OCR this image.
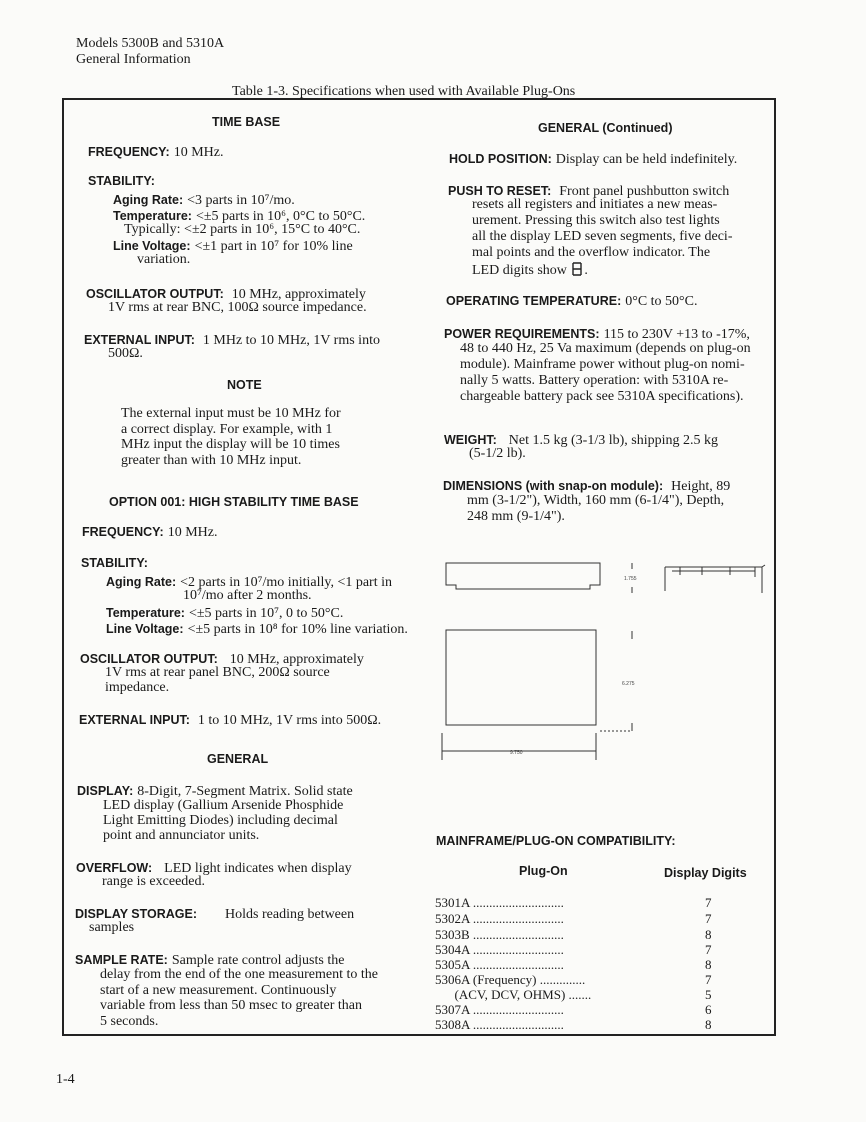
Models 5300B and 5310A
General Information
Table 1-3. Specifications when used with Available Plug-Ons
TIME BASE
FREQUENCY: 10 MHz.
STABILITY:
Aging Rate: <3 parts in 10⁷/mo.
Temperature: <±5 parts in 10⁶, 0°C to 50°C.
Typically: <±2 parts in 10⁶, 15°C to 40°C.
Line Voltage: <±1 part in 10⁷ for 10% line
variation.
OSCILLATOR OUTPUT: 10 MHz, approximately
1V rms at rear BNC, 100Ω source impedance.
EXTERNAL INPUT: 1 MHz to 10 MHz, 1V rms into
500Ω.
NOTE
The external input must be 10 MHz for
a correct display. For example, with 1
MHz input the display will be 10 times
greater than with 10 MHz input.
OPTION 001: HIGH STABILITY TIME BASE
FREQUENCY: 10 MHz.
STABILITY:
Aging Rate: <2 parts in 10⁷/mo initially, <1 part in
10⁷/mo after 2 months.
Temperature: <±5 parts in 10⁷, 0 to 50°C.
Line Voltage: <±5 parts in 10⁸ for 10% line variation.
OSCILLATOR OUTPUT: 10 MHz, approximately
1V rms at rear panel BNC, 200Ω source
impedance.
EXTERNAL INPUT: 1 to 10 MHz, 1V rms into 500Ω.
GENERAL
DISPLAY: 8-Digit, 7-Segment Matrix. Solid state
LED display (Gallium Arsenide Phosphide
Light Emitting Diodes) including decimal
point and annunciator units.
OVERFLOW: LED light indicates when display
range is exceeded.
DISPLAY STORAGE: Holds reading between
samples
SAMPLE RATE: Sample rate control adjusts the
delay from the end of the one measurement to the
start of a new measurement. Continuously
variable from less than 50 msec to greater than
5 seconds.
GENERAL (Continued)
HOLD POSITION: Display can be held indefinitely.
PUSH TO RESET: Front panel pushbutton switch
resets all registers and initiates a new meas-
urement. Pressing this switch also test lights
all the display LED seven segments, five deci-
mal points and the overflow indicator. The
LED digits show .
OPERATING TEMPERATURE: 0°C to 50°C.
POWER REQUIREMENTS: 115 to 230V +13 to -17%,
48 to 440 Hz, 25 Va maximum (depends on plug-on
module). Mainframe power without plug-on nomi-
nally 5 watts. Battery operation: with 5310A re-
chargeable battery pack see 5310A specifications).
WEIGHT: Net 1.5 kg (3-1/3 lb), shipping 2.5 kg
(5-1/2 lb).
DIMENSIONS (with snap-on module): Height, 89
mm (3-1/2"), Width, 160 mm (6-1/4"), Depth,
248 mm (9-1/4").
1.755
6.275
9.750
MAINFRAME/PLUG-ON COMPATIBILITY:
Plug-On	Display Digits
5301A ............................	7
5302A ............................	7
5303B ............................	8
5304A ............................	7
5305A ............................	8
5306A (Frequency) ..............	7
(ACV, DCV, OHMS) .......	5
5307A ............................	6
5308A ............................	8
1-4
